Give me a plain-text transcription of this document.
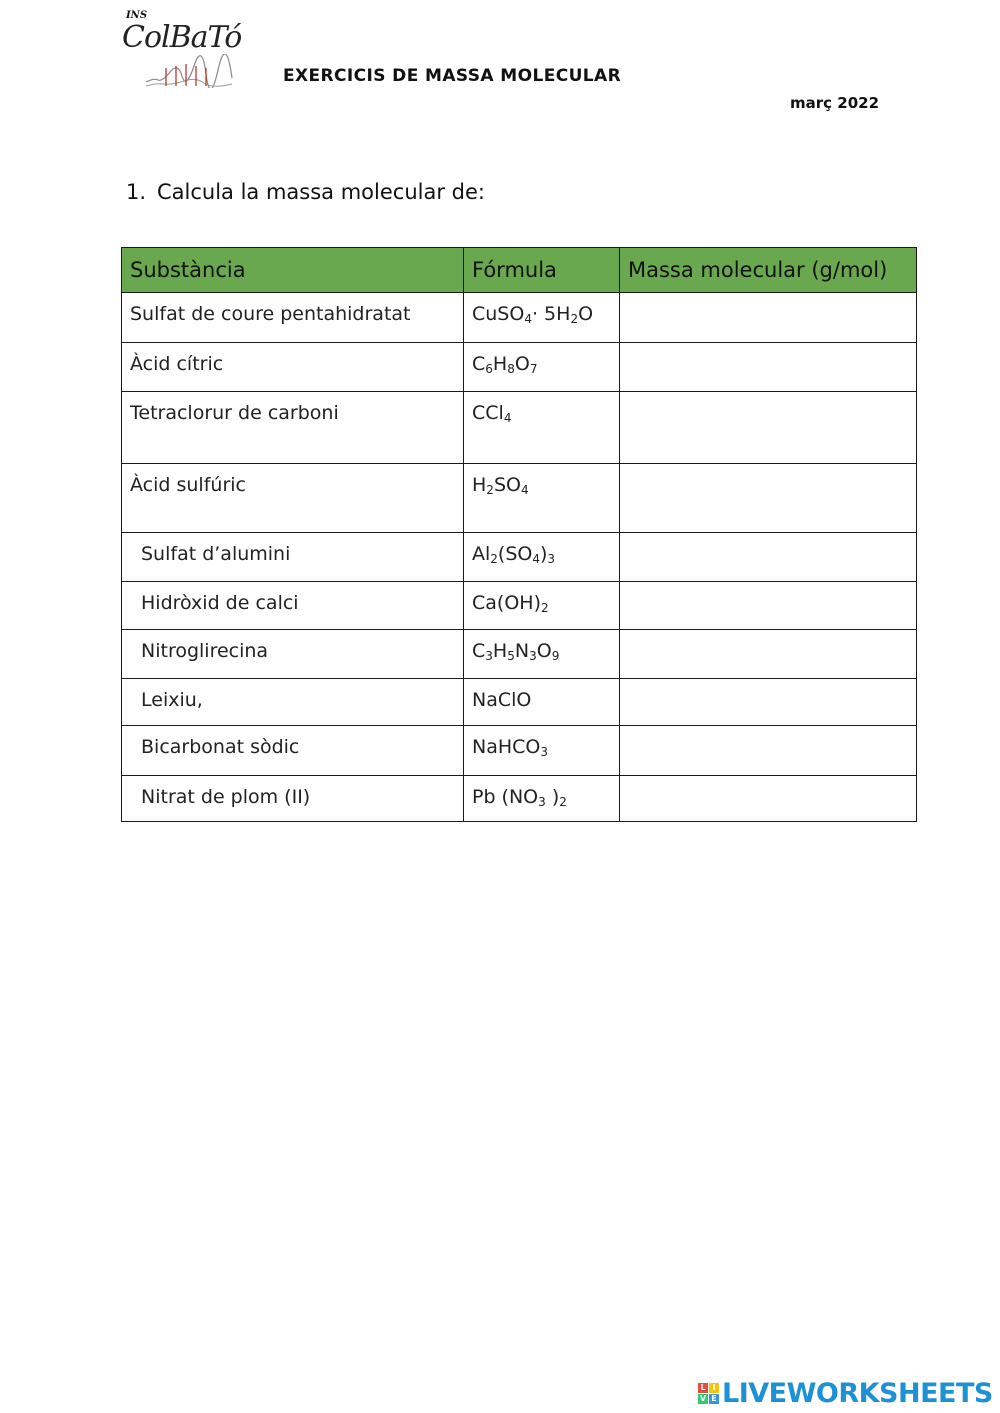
INS
ColBaTó
EXERCICIS DE MASSA MOLECULAR
març 2022
1. Calcula la massa molecular de:
Substància	Fórmula	Massa molecular (g/mol)
Sulfat de coure pentahidratat	CuSO$_4$· $5H_2O$	
Àcid cítric	$C_6H_8O_7$	
Tetraclorur de carboni	CCl$_4$	
Àcid sulfúric	$H_2SO_4$	
Sulfat d’alumini	$Al_2(SO_4)_3$	
Hidròxid de calci	$Ca(OH)_2$	
Nitroglirecina	$C_3H_5N_3O_9$	
Leixiu,	NaClO	
Bicarbonat sòdic	NaHCO$_3$	
Nitrat de plom (II)	Pb ($NO_3$ )$_2$	
L I
V E LIVEWORKSHEETS
